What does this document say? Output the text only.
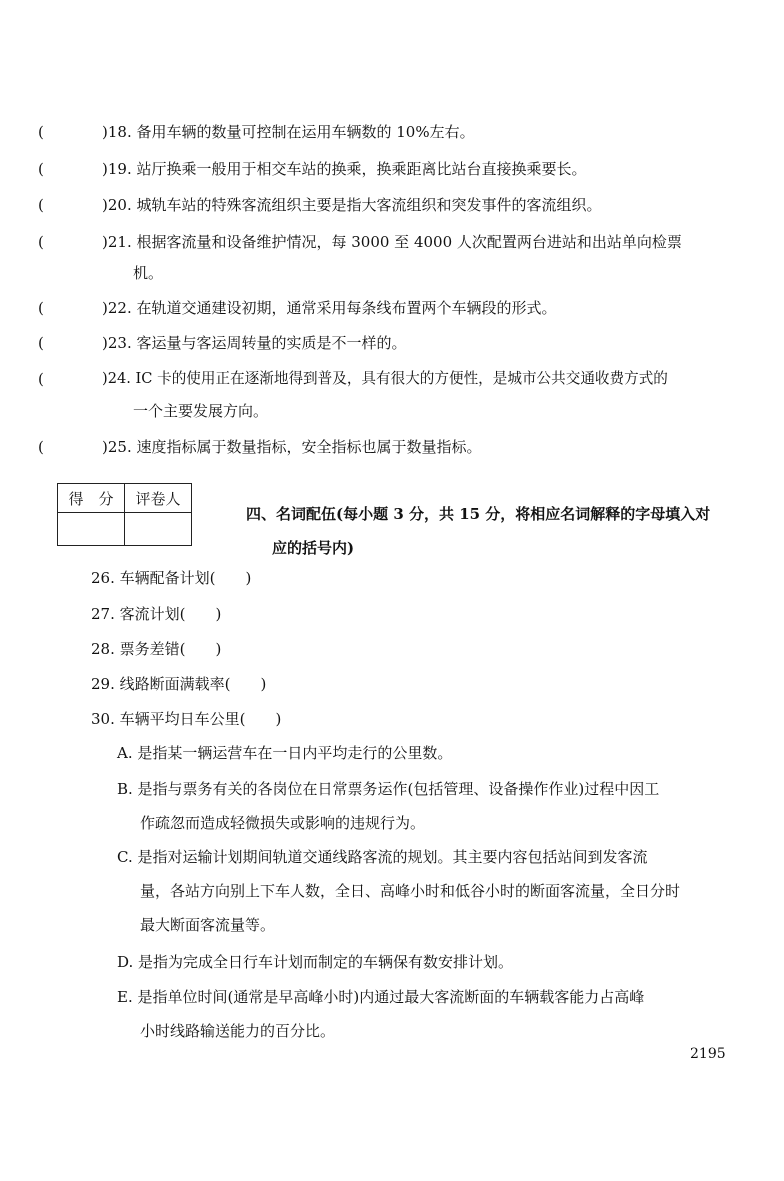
(	)18. 备用车辆的数量可控制在运用车辆数的 10%左右。
(	)19. 站厅换乘一般用于相交车站的换乘，换乘距离比站台直接换乘要长。
(	)20. 城轨车站的特殊客流组织主要是指大客流组织和突发事件的客流组织。
(	)21. 根据客流量和设备维护情况，每 3000 至 4000 人次配置两台进站和出站单向检票
机。
(	)22. 在轨道交通建设初期，通常采用每条线布置两个车辆段的形式。
(	)23. 客运量与客运周转量的实质是不一样的。
(	)24. IC 卡的使用正在逐渐地得到普及，具有很大的方便性，是城市公共交通收费方式的
一个主要发展方向。
(	)25. 速度指标属于数量指标，安全指标也属于数量指标。
得　分	评卷人

四、名词配伍(每小题 3 分，共 15 分，将相应名词解释的字母填入对
应的括号内)
26. 车辆配备计划(　　)
27. 客流计划(　　)
28. 票务差错(　　)
29. 线路断面满载率(　　)
30. 车辆平均日车公里(　　)
A. 是指某一辆运营车在一日内平均走行的公里数。
B. 是指与票务有关的各岗位在日常票务运作(包括管理、设备操作作业)过程中因工
作疏忽而造成轻微损失或影响的违规行为。
C. 是指对运输计划期间轨道交通线路客流的规划。其主要内容包括站间到发客流
量，各站方向别上下车人数，全日、高峰小时和低谷小时的断面客流量，全日分时
最大断面客流量等。
D. 是指为完成全日行车计划而制定的车辆保有数安排计划。
E. 是指单位时间(通常是早高峰小时)内通过最大客流断面的车辆载客能力占高峰
小时线路输送能力的百分比。
2195
